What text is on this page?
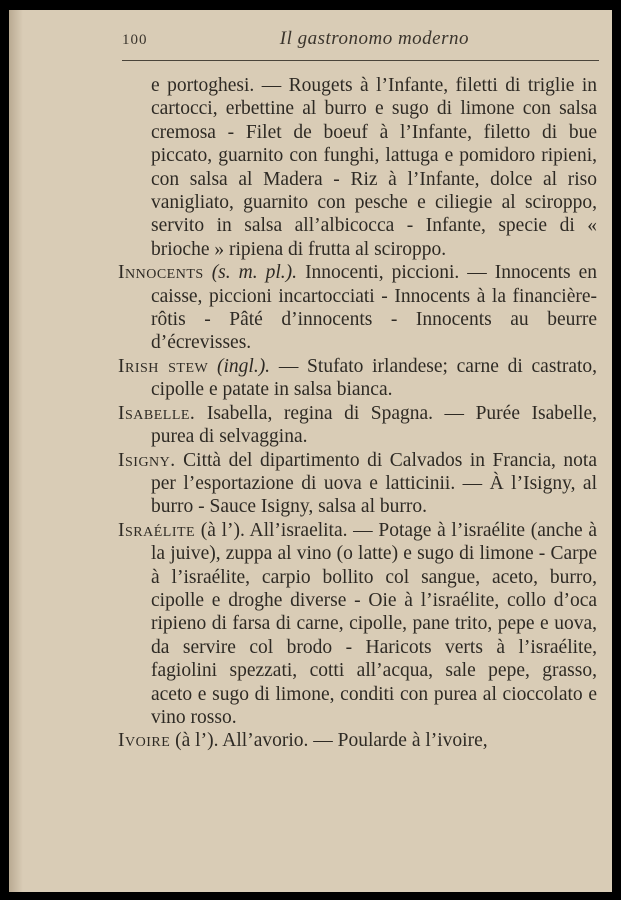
100	Il gastronomo moderno

e portoghesi. — Rougets à l’Infante, filetti di triglie in cartocci, erbettine al burro e sugo di limone con salsa cremosa - Filet de boeuf à l’Infante, filetto di bue piccato, guarnito con funghi, lattuga e pomidoro ripieni, con salsa al Madera - Riz à l’Infante, dolce al riso vanigliato, guarnito con pesche e ciliegie al sciroppo, servito in salsa all’albicocca - Infante, specie di « brioche » ripiena di frutta al sciroppo.

Innocents (s. m. pl.). Innocenti, piccioni. — Innocents en caisse, piccioni incartocciati - Innocents à la financière-rôtis - Pâté d’innocents - Innocents au beurre d’écrevisses.

Irish stew (ingl.). — Stufato irlandese; carne di castrato, cipolle e patate in salsa bianca.

Isabelle. Isabella, regina di Spagna. — Purée Isabelle, purea di selvaggina.

Isigny. Città del dipartimento di Calvados in Francia, nota per l’esportazione di uova e latticinii. — À l’Isigny, al burro - Sauce Isigny, salsa al burro.

Israélite (à l’). All’israelita. — Potage à l’israélite (anche à la juive), zuppa al vino (o latte) e sugo di limone - Carpe à l’israélite, carpio bollito col sangue, aceto, burro, cipolle e droghe diverse - Oie à l’israélite, collo d’oca ripieno di farsa di carne, cipolle, pane trito, pepe e uova, da servire col brodo - Haricots verts à l’israélite, fagiolini spezzati, cotti all’acqua, sale pepe, grasso, aceto e sugo di limone, conditi con purea al cioccolato e vino rosso.

Ivoire (à l’). All’avorio. — Poularde à l’ivoire,
